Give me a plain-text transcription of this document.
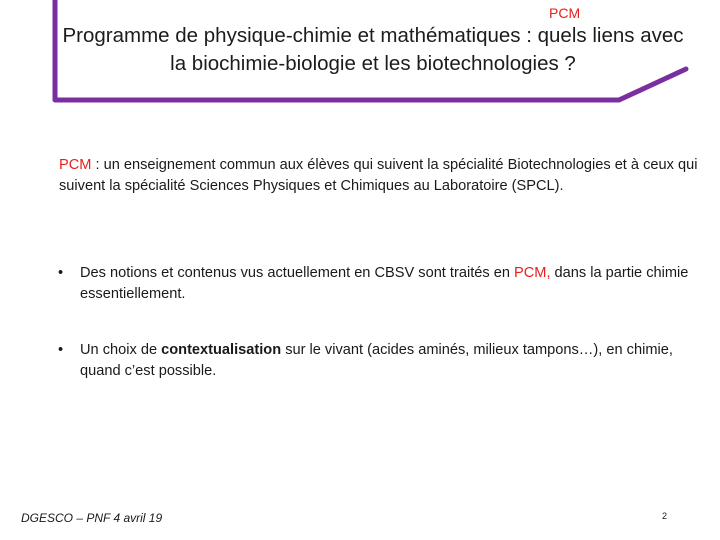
PCM
Programme de physique-chimie et mathématiques : quels liens avec la biochimie-biologie et les biotechnologies ?
PCM : un enseignement commun aux élèves qui suivent la spécialité Biotechnologies et à ceux qui suivent la spécialité Sciences Physiques et Chimiques au Laboratoire (SPCL).
• Des notions et contenus vus actuellement en CBSV sont traités en PCM, dans la partie chimie essentiellement.
• Un choix de contextualisation sur le vivant (acides aminés, milieux tampons…), en chimie, quand c’est possible.
DGESCO – PNF 4 avril 19	2
